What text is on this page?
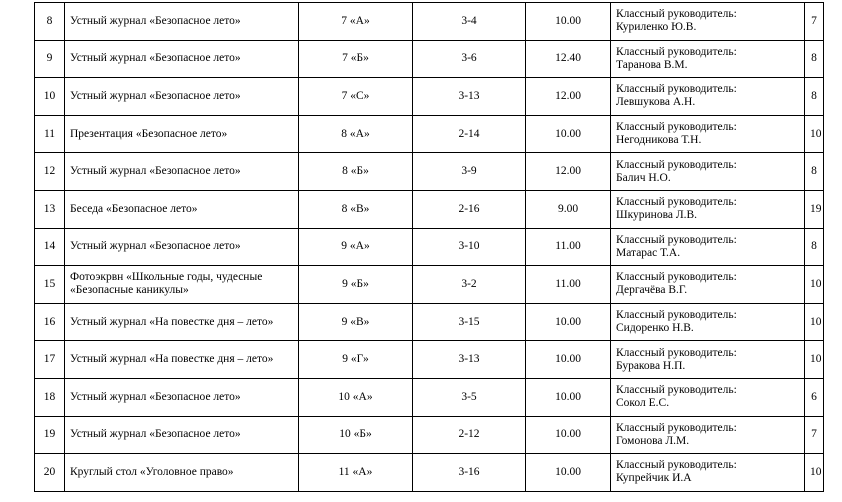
8	Устный журнал «Безопасное лето»	7 «А»	3-4	10.00	Классный руководитель:
Куриленко Ю.В.	7
9	Устный журнал «Безопасное лето»	7 «Б»	3-6	12.40	Классный руководитель:
Таранова В.М.	8
10	Устный журнал «Безопасное лето»	7 «С»	3-13	12.00	Классный руководитель:
Левшукова А.Н.	8
11	Презентация «Безопасное лето»	8 «А»	2-14	10.00	Классный руководитель:
Негодникова Т.Н.	10
12	Устный журнал «Безопасное лето»	8 «Б»	3-9	12.00	Классный руководитель:
Балич Н.О.	8
13	Беседа «Безопасное лето»	8 «В»	2-16	9.00	Классный руководитель:
Шкуринова Л.В.	19
14	Устный журнал «Безопасное лето»	9 «А»	3-10	11.00	Классный руководитель:
Матарас Т.А.	8
15	Фотоэкрвн «Школьные годы, чудесные «Безопасные каникулы»	9 «Б»	3-2	11.00	Классный руководитель:
Дергачёва В.Г.	10
16	Устный журнал «На повестке дня – лето»	9 «В»	3-15	10.00	Классный руководитель:
Сидоренко Н.В.	10
17	Устный журнал «На повестке дня – лето»	9 «Г»	3-13	10.00	Классный руководитель:
Буракова Н.П.	10
18	Устный журнал «Безопасное лето»	10 «А»	3-5	10.00	Классный руководитель:
Сокол Е.С.	6
19	Устный журнал «Безопасное лето»	10 «Б»	2-12	10.00	Классный руководитель:
Гомонова Л.М.	7
20	Круглый стол «Уголовное право»	11 «А»	3-16	10.00	Классный руководитель:
Купрейчик И.А	10
